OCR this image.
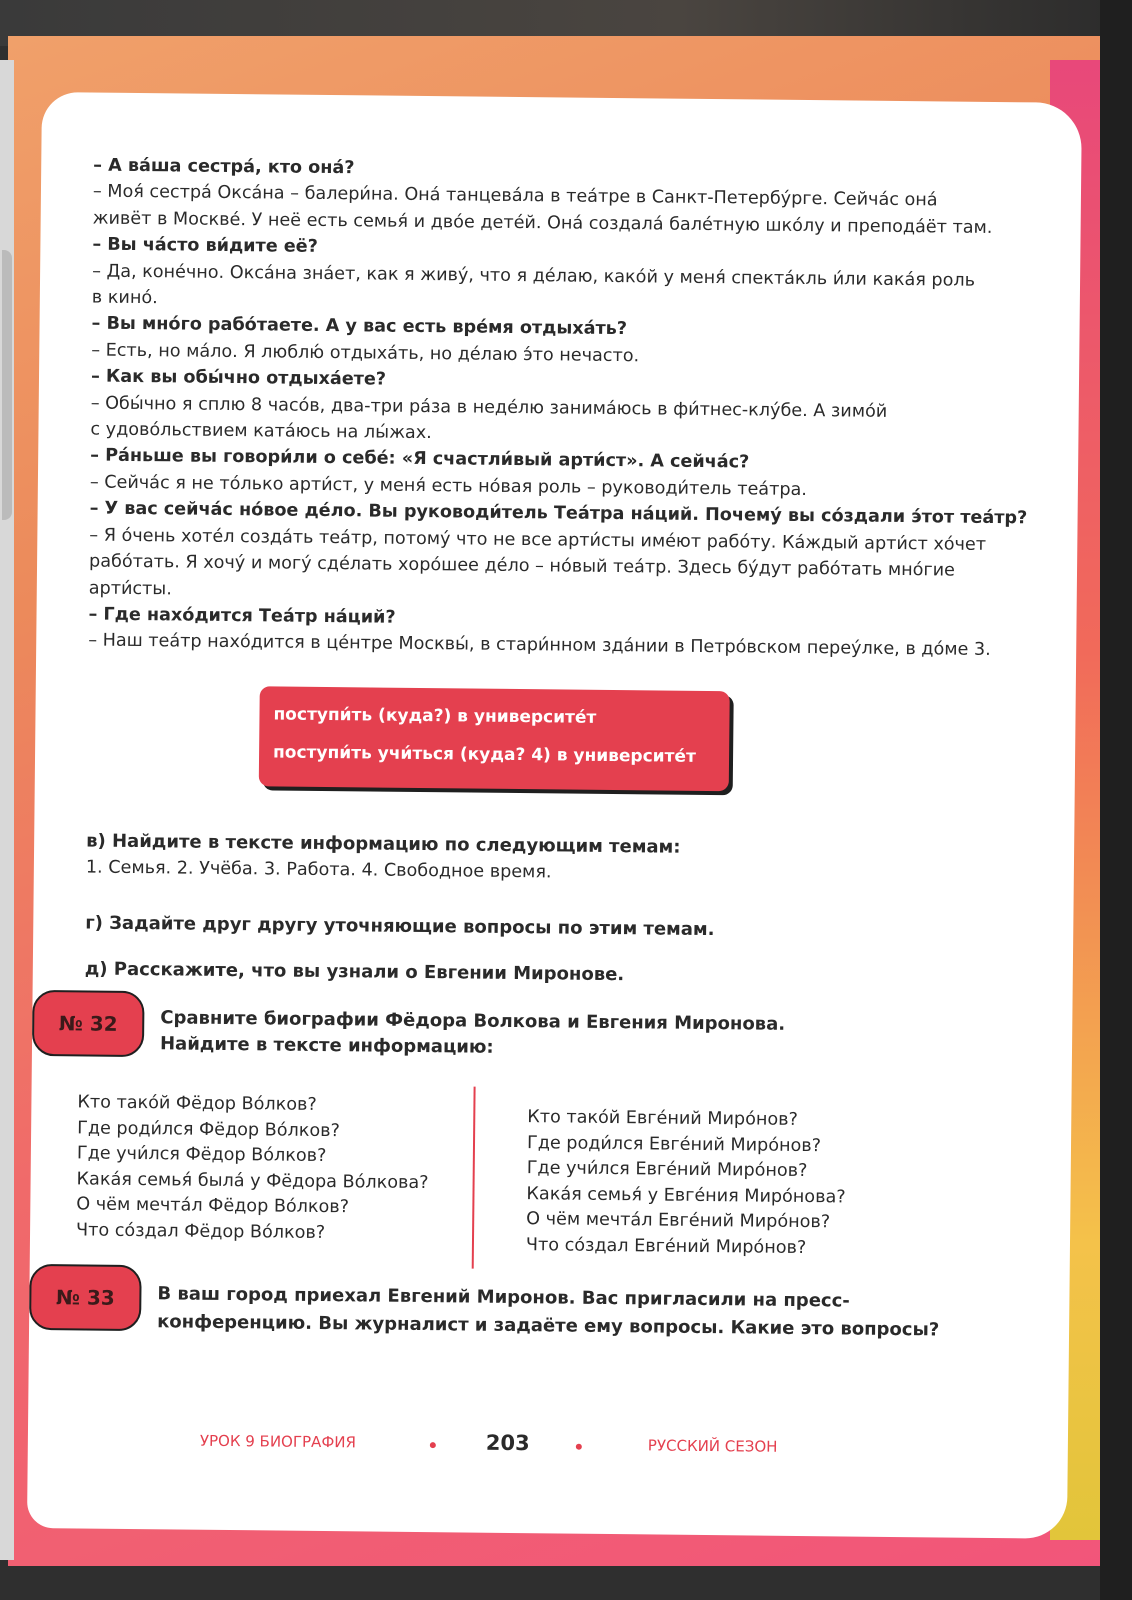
– А ва́ша сестра́, кто она́?

– Моя́ сестра́ Окса́на – балери́на. Она́ танцева́ла в теа́тре в Санкт-Петербу́рге. Сейча́с она́

живёт в Москве́. У неё есть семья́ и дво́е дете́й. Она́ создала́ бале́тную шко́лу и препода́ёт там.

– Вы ча́сто ви́дите её?

– Да, коне́чно. Окса́на зна́ет, как я живу́, что я де́лаю, како́й у меня́ спекта́кль и́ли кака́я роль

в кино́.

– Вы мно́го рабо́таете. А у вас есть вре́мя отдыха́ть?

– Есть, но ма́ло. Я люблю́ отдыха́ть, но де́лаю э́то нечасто.

– Как вы обы́чно отдыха́ете?

– Обы́чно я сплю 8 часо́в, два-три ра́за в неде́лю занима́юсь в фи́тнес-клу́бе. А зимо́й

с удово́льствием ката́юсь на лы́жах.

– Ра́ньше вы говори́ли о себе́: «Я счастли́вый арти́ст». А сейча́с?

– Сейча́с я не то́лько арти́ст, у меня́ есть но́вая роль – руководи́тель теа́тра.

– У вас сейча́с но́вое де́ло. Вы руководи́тель Теа́тра на́ций. Почему́ вы со́здали э́тот теа́тр?

– Я о́чень хоте́л созда́ть теа́тр, потому́ что не все арти́сты име́ют рабо́ту. Ка́ждый арти́ст хо́чет

рабо́тать. Я хочу́ и могу́ сде́лать хоро́шее де́ло – но́вый теа́тр. Здесь бу́дут рабо́тать мно́гие

арти́сты.

– Где нахо́дится Теа́тр на́ций?

– Наш теа́тр нахо́дится в це́нтре Москвы́, в стари́нном зда́нии в Петро́вском переу́лке, в до́ме 3.

поступи́ть (куда?) в университе́т
поступи́ть учи́ться (куда? 4) в университе́т
в) Найдите в тексте информацию по следующим темам:
1. Семья. 2. Учёба. 3. Работа. 4. Свободное время.
г) Задайте друг другу уточняющие вопросы по этим темам.
д) Расскажите, что вы узнали о Евгении Миронове.
№ 32	Сравните биографии Фёдора Волкова и Евгения Миронова.
Найдите в тексте информацию:
Кто тако́й Фёдор Во́лков?
Где роди́лся Фёдор Во́лков?
Где учи́лся Фёдор Во́лков?
Кака́я семья́ была́ у Фёдора Во́лкова?
О чём мечта́л Фёдор Во́лков?
Что со́здал Фёдор Во́лков?
Кто тако́й Евге́ний Миро́нов?
Где роди́лся Евге́ний Миро́нов?
Где учи́лся Евге́ний Миро́нов?
Кака́я семья́ у Евге́ния Миро́нова?
О чём мечта́л Евге́ний Миро́нов?
Что со́здал Евге́ний Миро́нов?
№ 33	В ваш город приехал Евгений Миронов. Вас пригласили на пресс-
конференцию. Вы журналист и задаёте ему вопросы. Какие это вопросы?
УРОК 9 БИОГРАФИЯ	203	РУССКИЙ СЕЗОН
